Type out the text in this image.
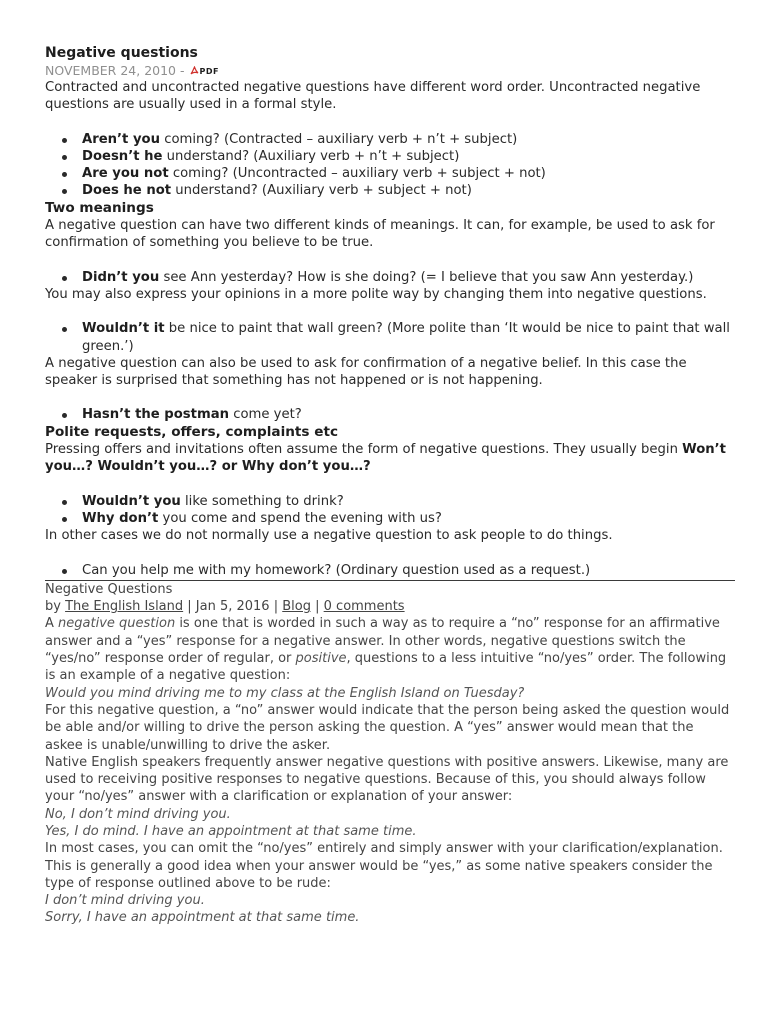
Negative questions
NOVEMBER 24, 2010 - PDF

Contracted and uncontracted negative questions have different word order. Uncontracted negative questions are usually used in a formal style.

Aren’t you coming? (Contracted – auxiliary verb + n’t + subject)
Doesn’t he understand? (Auxiliary verb + n’t + subject)
Are you not coming? (Uncontracted – auxiliary verb + subject + not)
Does he not understand? (Auxiliary verb + subject + not)
Two meanings

A negative question can have two different kinds of meanings. It can, for example, be used to ask for confirmation of something you believe to be true.

Didn’t you see Ann yesterday? How is she doing? (= I believe that you saw Ann yesterday.)

You may also express your opinions in a more polite way by changing them into negative questions.

Wouldn’t it be nice to paint that wall green? (More polite than ‘It would be nice to paint that wall green.’)

A negative question can also be used to ask for confirmation of a negative belief. In this case the speaker is surprised that something has not happened or is not happening.

Hasn’t the postman come yet?
Polite requests, offers, complaints etc

Pressing offers and invitations often assume the form of negative questions. They usually begin Won’t you…? Wouldn’t you…? or Why don’t you…?

Wouldn’t you like something to drink?
Why don’t you come and spend the evening with us?

In other cases we do not normally use a negative question to ask people to do things.

Can you help me with my homework? (Ordinary question used as a request.)
Negative Questions
by The English Island | Jan 5, 2016 | Blog | 0 comments

A negative question is one that is worded in such a way as to require a “no” response for an affirmative answer and a “yes” response for a negative answer. In other words, negative questions switch the “yes/no” response order of regular, or positive, questions to a less intuitive “no/yes” order. The following is an example of a negative question:

Would you mind driving me to my class at the English Island on Tuesday?

For this negative question, a “no” answer would indicate that the person being asked the question would be able and/or willing to drive the person asking the question. A “yes” answer would mean that the askee is unable/unwilling to drive the asker.

Native English speakers frequently answer negative questions with positive answers. Likewise, many are used to receiving positive responses to negative questions. Because of this, you should always follow your “no/yes” answer with a clarification or explanation of your answer:

No, I don’t mind driving you.

Yes, I do mind. I have an appointment at that same time.

In most cases, you can omit the “no/yes” entirely and simply answer with your clarification/explanation. This is generally a good idea when your answer would be “yes,” as some native speakers consider the type of response outlined above to be rude:

I don’t mind driving you.

Sorry, I have an appointment at that same time.
